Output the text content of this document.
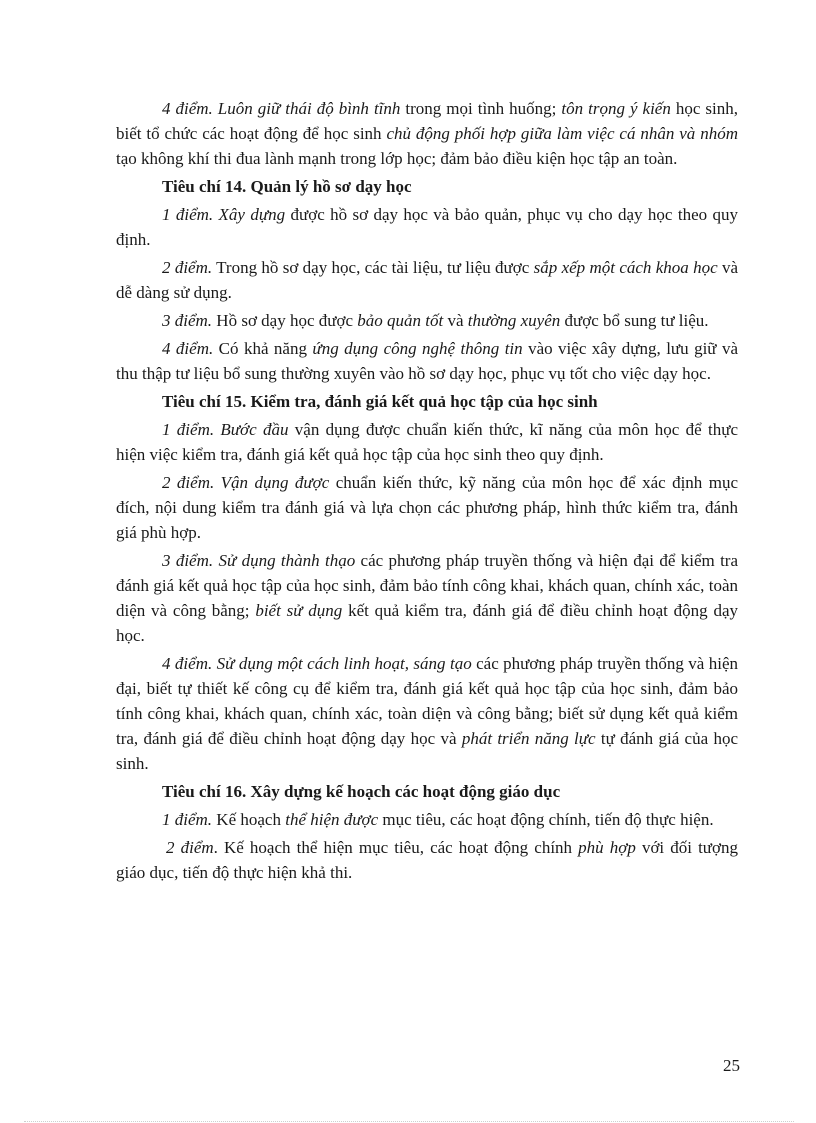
4 điểm. Luôn giữ thái độ bình tĩnh trong mọi tình huống; tôn trọng ý kiến học sinh, biết tổ chức các hoạt động để học sinh chủ động phối hợp giữa làm việc cá nhân và nhóm tạo không khí thi đua lành mạnh trong lớp học; đảm bảo điều kiện học tập an toàn.

Tiêu chí 14. Quản lý hồ sơ dạy học

1 điểm. Xây dựng được hồ sơ dạy học và bảo quản, phục vụ cho dạy học theo quy định.

2 điểm. Trong hồ sơ dạy học, các tài liệu, tư liệu được sắp xếp một cách khoa học và dễ dàng sử dụng.

3 điểm. Hồ sơ dạy học được bảo quản tốt và thường xuyên được bổ sung tư liệu.

4 điểm. Có khả năng ứng dụng công nghệ thông tin vào việc xây dựng, lưu giữ và thu thập tư liệu bổ sung thường xuyên vào hồ sơ dạy học, phục vụ tốt cho việc dạy học.

Tiêu chí 15. Kiểm tra, đánh giá kết quả học tập của học sinh

1 điểm. Bước đầu vận dụng được chuẩn kiến thức, kĩ năng của môn học để thực hiện việc kiểm tra, đánh giá kết quả học tập của học sinh theo quy định.

2 điểm. Vận dụng được chuẩn kiến thức, kỹ năng của môn học để xác định mục đích, nội dung kiểm tra đánh giá và lựa chọn các phương pháp, hình thức kiểm tra, đánh giá phù hợp.

3 điểm. Sử dụng thành thạo các phương pháp truyền thống và hiện đại để kiểm tra đánh giá kết quả học tập của học sinh, đảm bảo tính công khai, khách quan, chính xác, toàn diện và công bằng; biết sử dụng kết quả kiểm tra, đánh giá để điều chỉnh hoạt động dạy học.

4 điểm. Sử dụng một cách linh hoạt, sáng tạo các phương pháp truyền thống và hiện đại, biết tự thiết kế công cụ để kiểm tra, đánh giá kết quả học tập của học sinh, đảm bảo tính công khai, khách quan, chính xác, toàn diện và công bằng; biết sử dụng kết quả kiểm tra, đánh giá để điều chỉnh hoạt động dạy học và phát triển năng lực tự đánh giá của học sinh.

Tiêu chí 16. Xây dựng kế hoạch các hoạt động giáo dục

1 điểm. Kế hoạch thể hiện được mục tiêu, các hoạt động chính, tiến độ thực hiện.

2 điểm. Kế hoạch thể hiện mục tiêu, các hoạt động chính phù hợp với đối tượng giáo dục, tiến độ thực hiện khả thi.

25
